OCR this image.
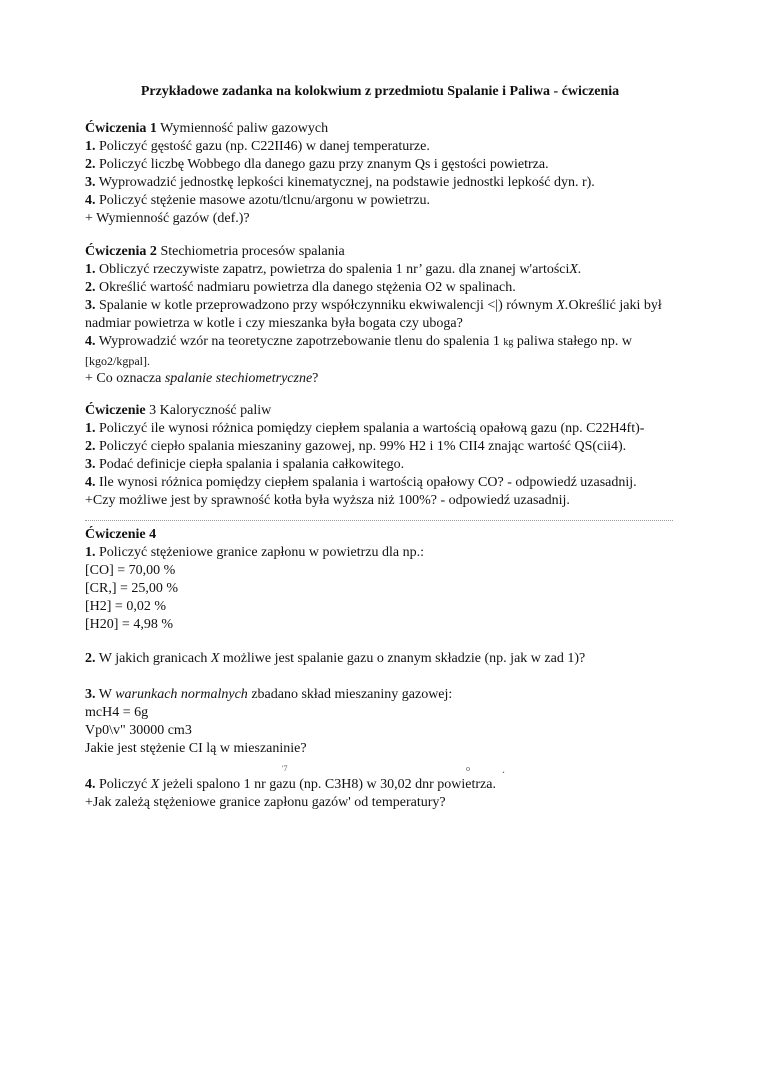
Przykładowe zadanka na kolokwium z przedmiotu Spalanie i Paliwa - ćwiczenia
Ćwiczenia 1 Wymienność paliw gazowych
1. Policzyć gęstość gazu (np. C22II46) w danej temperaturze.
2. Policzyć liczbę Wobbego dla danego gazu przy znanym Qs i gęstości powietrza.
3. Wyprowadzić jednostkę lepkości kinematycznej, na podstawie jednostki lepkość dyn. r).
4. Policzyć stężenie masowe azotu/tlcnu/argonu w powietrzu.
+ Wymienność gazów (def.)?
Ćwiczenia 2 Stechiometria procesów spalania
1. Obliczyć rzeczywiste zapatrz, powietrza do spalenia 1 nr’ gazu. dla znanej w'artościX.
2. Określić wartość nadmiaru powietrza dla danego stężenia O2 w spalinach.
3. Spalanie w kotle przeprowadzono przy współczynniku ekwiwalencji <|) równym X.Określić jaki był
nadmiar powietrza w kotle i czy mieszanka była bogata czy uboga?
4. Wyprowadzić wzór na teoretyczne zapotrzebowanie tlenu do spalenia 1 kg paliwa stałego np. w
[kgo2/kgpal].
+ Co oznacza spalanie stechiometryczne?
Ćwiczenie 3 Kaloryczność paliw
1. Policzyć ile wynosi różnica pomiędzy ciepłem spalania a wartością opałową gazu (np. C22H4ft)-
2. Policzyć ciepło spalania mieszaniny gazowej, np. 99% H2 i 1% CII4 znając wartość QS(cii4).
3. Podać definicje ciepła spalania i spalania całkowitego.
4. Ile wynosi różnica pomiędzy ciepłem spalania i wartością opałowy CO? - odpowiedź uzasadnij.
+Czy możliwe jest by sprawność kotła była wyższa niż 100%? - odpowiedź uzasadnij.
Ćwiczenie 4
1. Policzyć stężeniowe granice zapłonu w powietrzu dla np.:
[CO] = 70,00 %
[CR,] = 25,00 %
[H2] = 0,02 %
[H20] = 4,98 %
2. W jakich granicach X możliwe jest spalanie gazu o znanym składzie (np. jak w zad 1)?
3. W warunkach normalnych zbadano skład mieszaniny gazowej:
mcH4 = 6g
Vp0\v" 30000 cm3
Jakie jest stężenie CI lą w mieszaninie?
'7	o	.
4. Policzyć X jeżeli spalono 1 nr gazu (np. C3H8) w 30,02 dnr powietrza.
+Jak zależą stężeniowe granice zapłonu gazów' od temperatury?
